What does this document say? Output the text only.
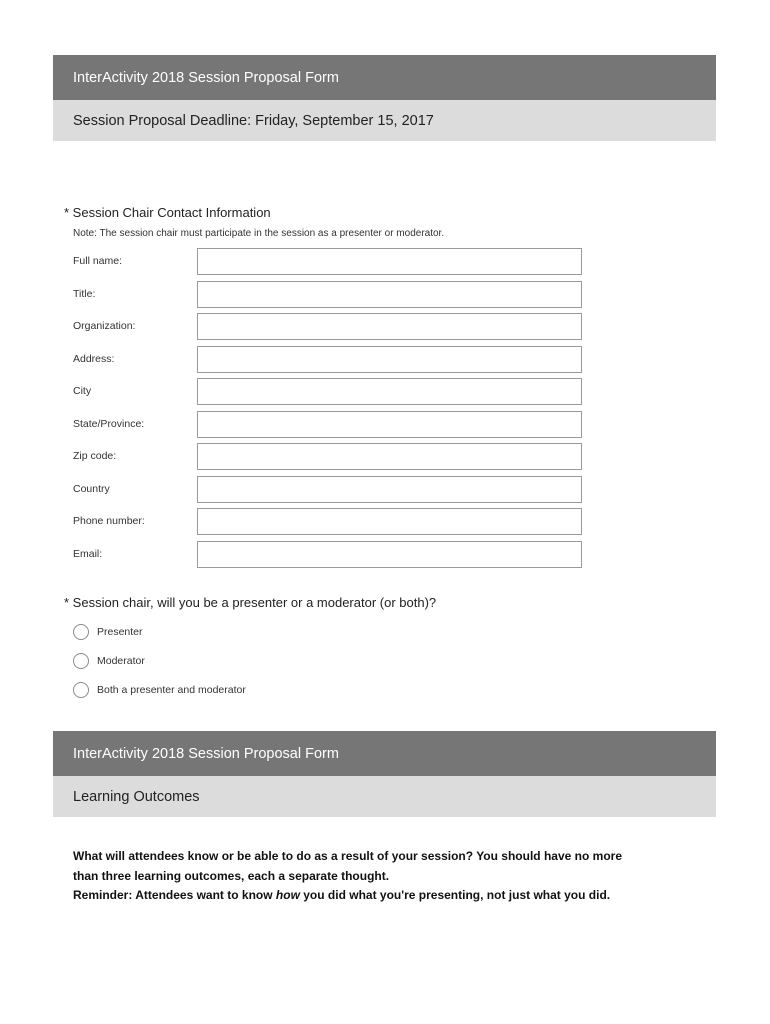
InterActivity 2018 Session Proposal Form
Session Proposal Deadline: Friday, September 15, 2017
* Session Chair Contact Information
Note: The session chair must participate in the session as a presenter or moderator.
Full name:
Title:
Organization:
Address:
City
State/Province:
Zip code:
Country
Phone number:
Email:
* Session chair, will you be a presenter or a moderator (or both)?
Presenter
Moderator
Both a presenter and moderator
InterActivity 2018 Session Proposal Form
Learning Outcomes
What will attendees know or be able to do as a result of your session? You should have no more
than three learning outcomes, each a separate thought.
Reminder: Attendees want to know how you did what you're presenting, not just what you did.
